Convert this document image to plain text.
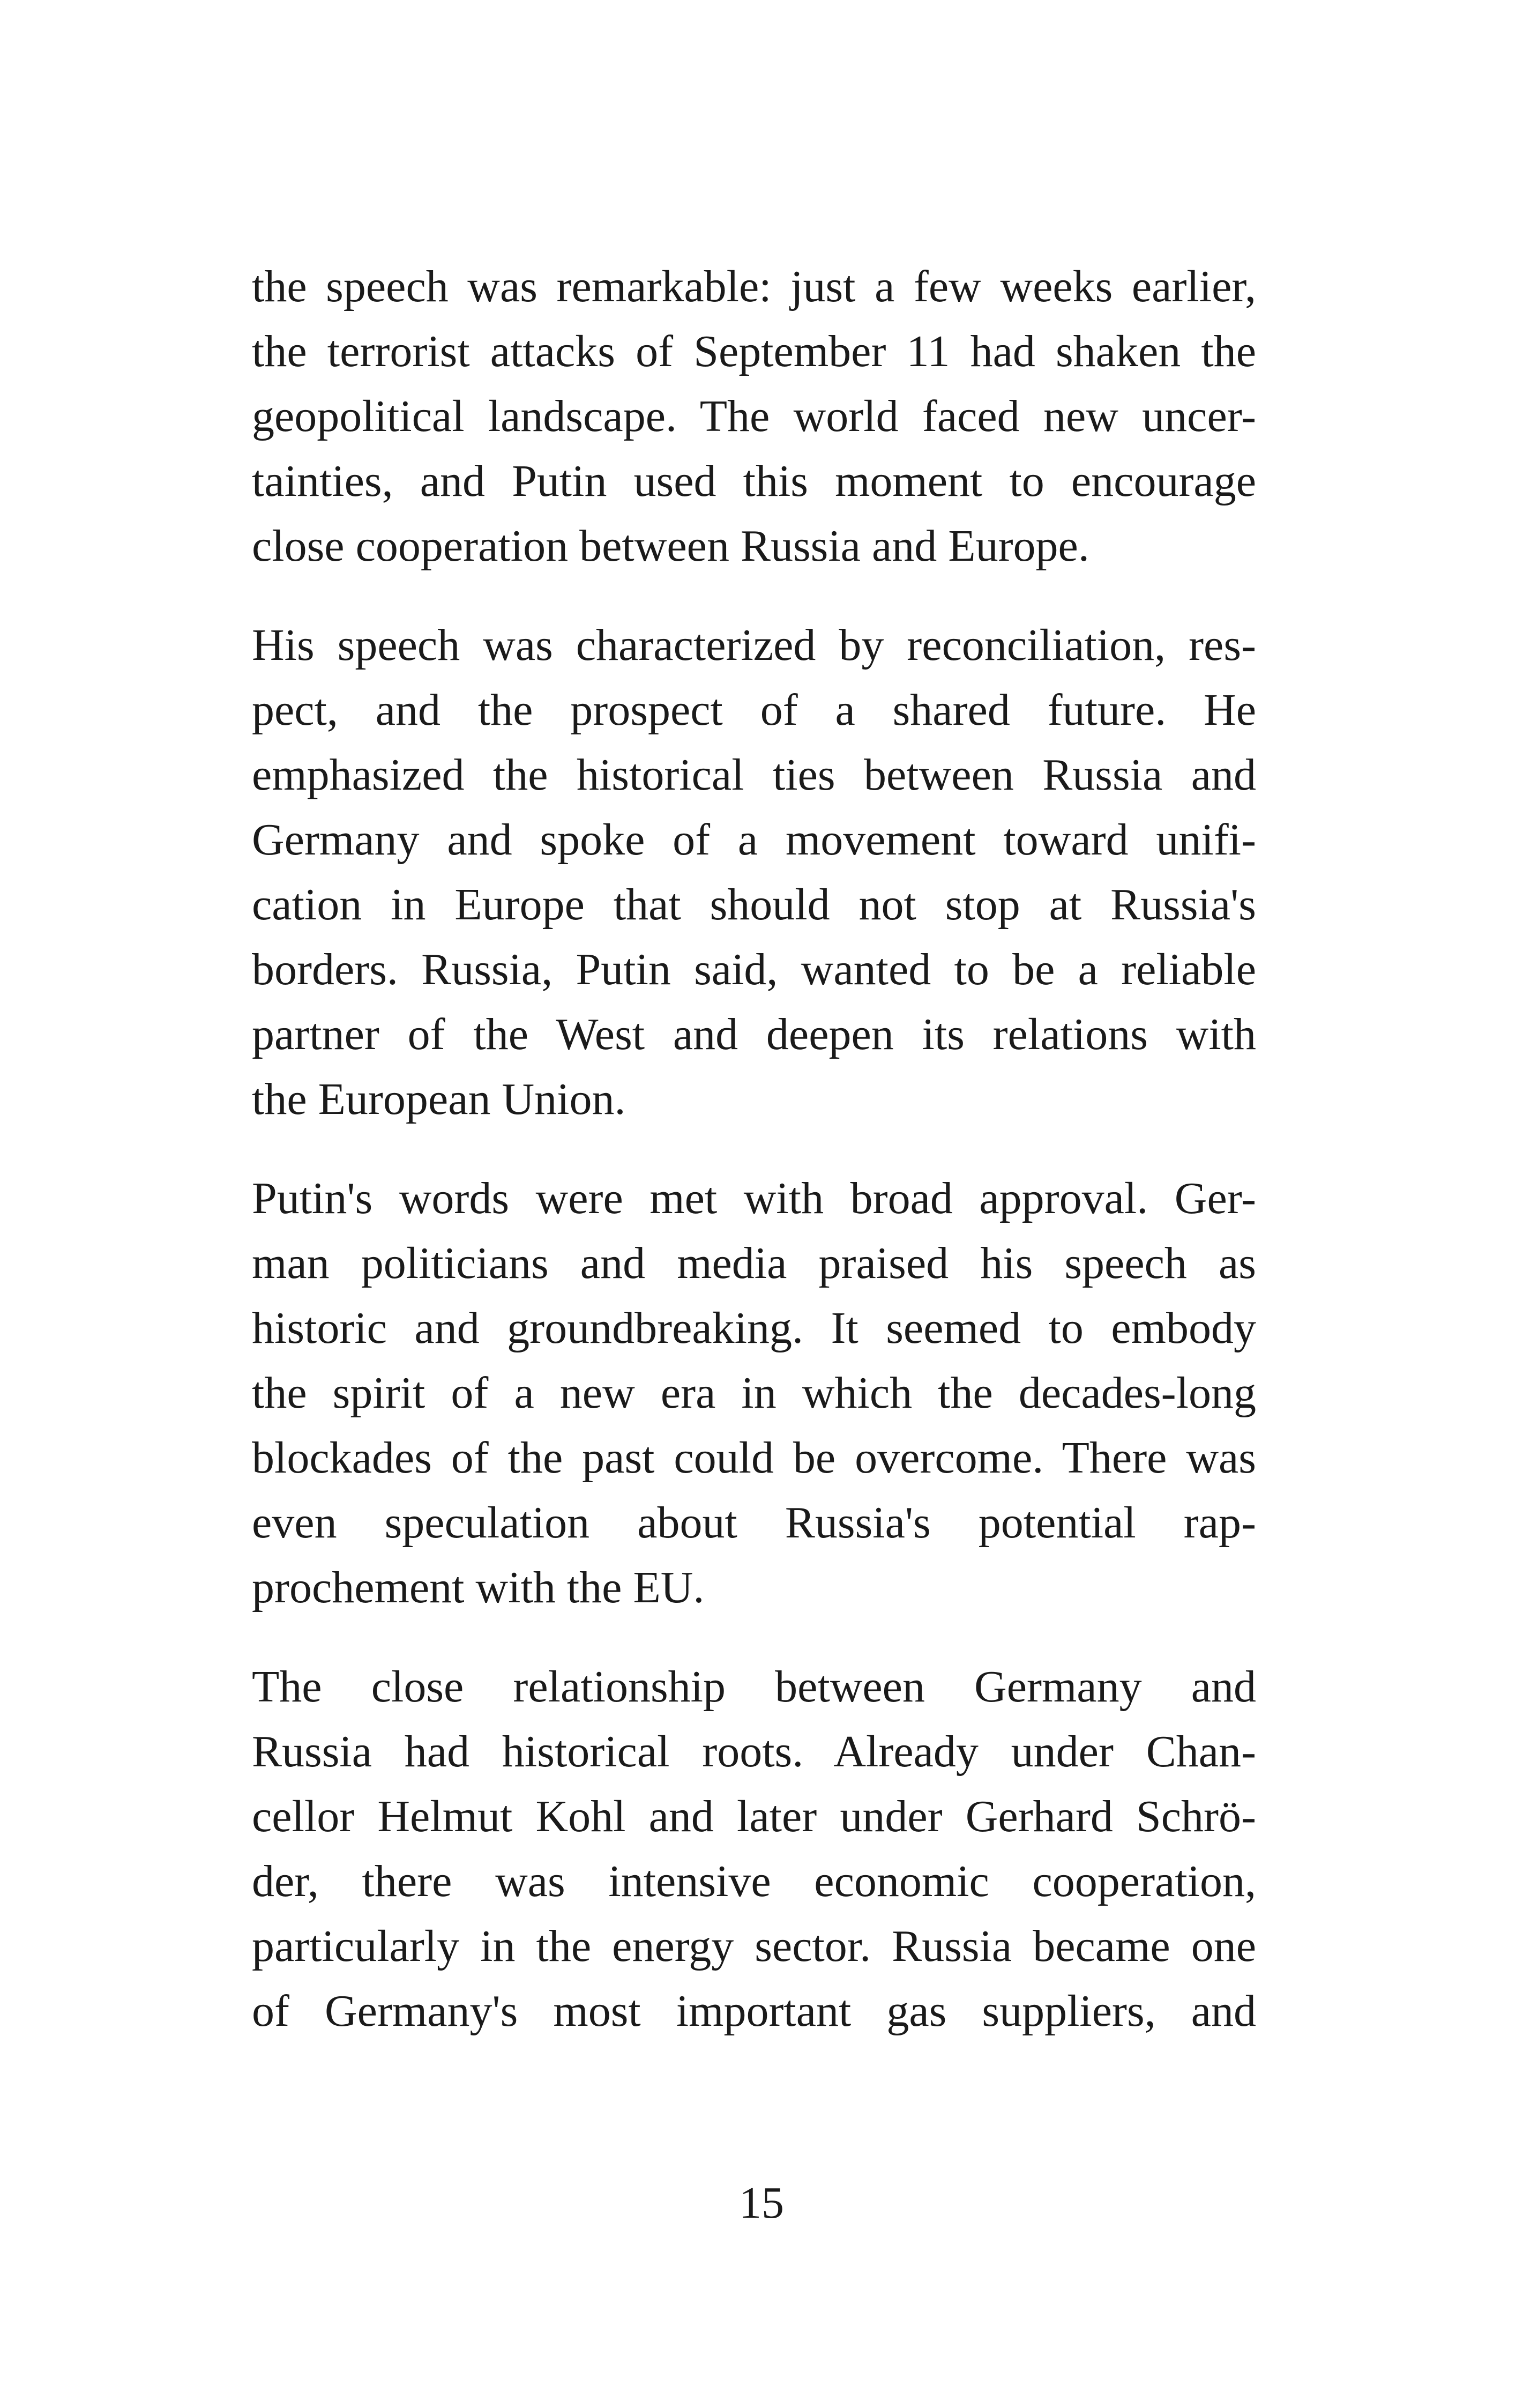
the speech was remarkable: just a few weeks earlier,
the terrorist attacks of September 11 had shaken the
geopolitical landscape. The world faced new uncer-
tainties, and Putin used this moment to encourage
close cooperation between Russia and Europe.
His speech was characterized by reconciliation, res-
pect, and the prospect of a shared future. He
emphasized the historical ties between Russia and
Germany and spoke of a movement toward unifi-
cation in Europe that should not stop at Russia's
borders. Russia, Putin said, wanted to be a reliable
partner of the West and deepen its relations with
the European Union.
Putin's words were met with broad approval. Ger-
man politicians and media praised his speech as
historic and groundbreaking. It seemed to embody
the spirit of a new era in which the decades-long
blockades of the past could be overcome. There was
even speculation about Russia's potential rap-
prochement with the EU.
The close relationship between Germany and
Russia had historical roots. Already under Chan-
cellor Helmut Kohl and later under Gerhard Schrö-
der, there was intensive economic cooperation,
particularly in the energy sector. Russia became one
of Germany's most important gas suppliers, and
15
